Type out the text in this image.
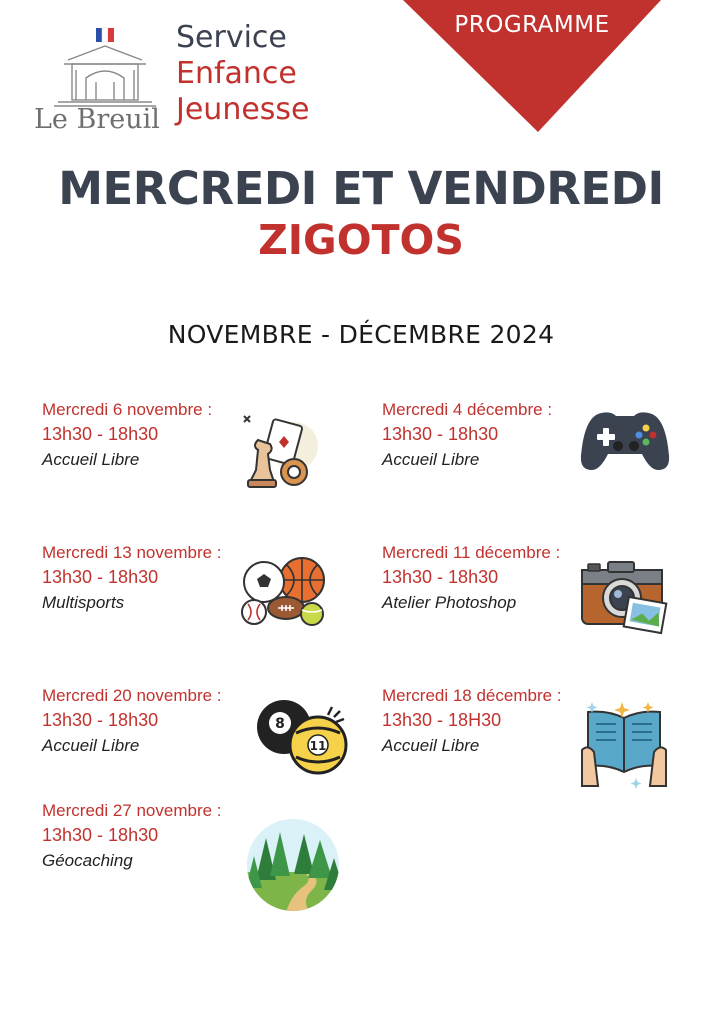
PROGRAMME
Le Breuil
Service
Enfance
Jeunesse
MERCREDI ET VENDREDI
ZIGOTOS
NOVEMBRE - DÉCEMBRE 2024
Mercredi 6 novembre :
13h30 - 18h30
Accueil Libre
Mercredi 13 novembre :
13h30 - 18h30
Multisports
Mercredi 20 novembre :
13h30 - 18h30
Accueil Libre
Mercredi 27 novembre :
13h30 - 18h30
Géocaching
Mercredi 4 décembre :
13h30 - 18h30
Accueil Libre
Mercredi 11 décembre :
13h30 - 18h30
Atelier Photoshop
Mercredi 18 décembre :
13h30 - 18H30
Accueil Libre
8
11
